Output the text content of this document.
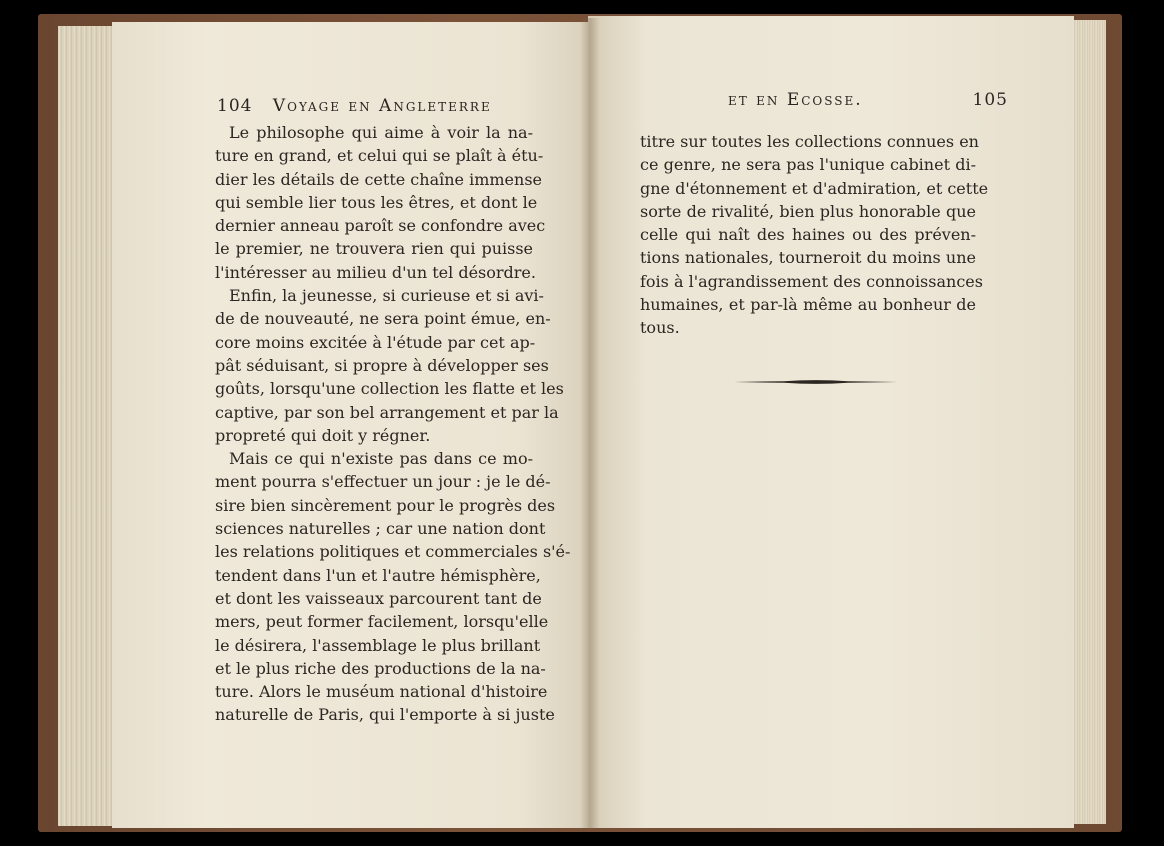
104 Voyage en Angleterre
Le philosophe qui aime à voir la na-
ture en grand, et celui qui se plaît à étu-
dier les détails de cette chaîne immense
qui semble lier tous les êtres, et dont le
dernier anneau paroît se confondre avec
le premier, ne trouvera rien qui puisse
l'intéresser au milieu d'un tel désordre.
Enfin, la jeunesse, si curieuse et si avi-
de de nouveauté, ne sera point émue, en-
core moins excitée à l'étude par cet ap-
pât séduisant, si propre à développer ses
goûts, lorsqu'une collection les flatte et les
captive, par son bel arrangement et par la
propreté qui doit y régner.
Mais ce qui n'existe pas dans ce mo-
ment pourra s'effectuer un jour : je le dé-
sire bien sincèrement pour le progrès des
sciences naturelles ; car une nation dont
les relations politiques et commerciales s'é-
tendent dans l'un et l'autre hémisphère,
et dont les vaisseaux parcourent tant de
mers, peut former facilement, lorsqu'elle
le désirera, l'assemblage le plus brillant
et le plus riche des productions de la na-
ture. Alors le muséum national d'histoire
naturelle de Paris, qui l'emporte à si juste
et en Ecosse.	105
titre sur toutes les collections connues en
ce genre, ne sera pas l'unique cabinet di-
gne d'étonnement et d'admiration, et cette
sorte de rivalité, bien plus honorable que
celle qui naît des haines ou des préven-
tions nationales, tourneroit du moins une
fois à l'agrandissement des connoissances
humaines, et par-là même au bonheur de
tous.
